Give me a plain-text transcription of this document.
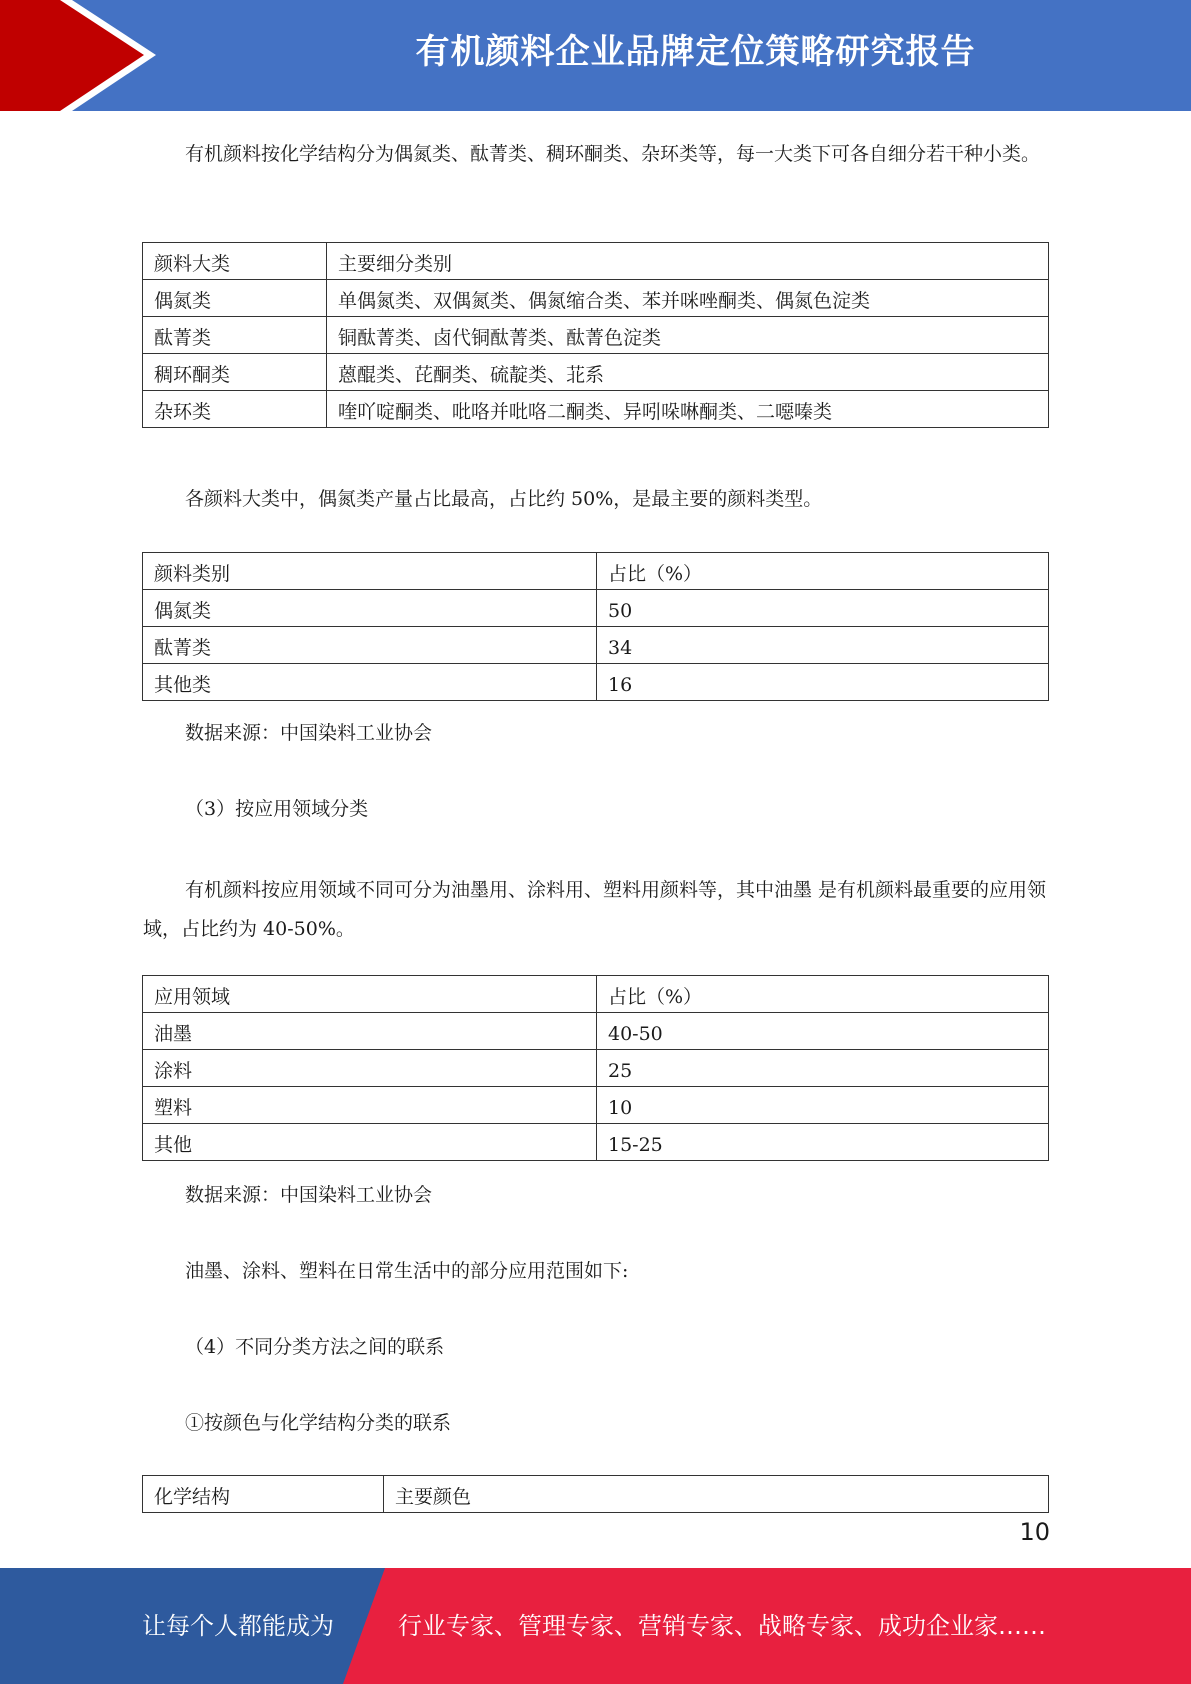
有机颜料企业品牌定位策略研究报告

有机颜料按化学结构分为偶氮类、酞菁类、稠环酮类、杂环类等，每一大类下可各自细分若干种小类。

颜料大类	主要细分类别
偶氮类	单偶氮类、双偶氮类、偶氮缩合类、苯并咪唑酮类、偶氮色淀类
酞菁类	铜酞菁类、卤代铜酞菁类、酞菁色淀类
稠环酮类	蒽醌类、芘酮类、硫靛类、苝系
杂环类	喹吖啶酮类、吡咯并吡咯二酮类、异吲哚啉酮类、二噁嗪类

各颜料大类中，偶氮类产量占比最高，占比约 50%，是最主要的颜料类型。

颜料类别	占比（%）
偶氮类	50
酞菁类	34
其他类	16
数据来源：中国染料工业协会
（3）按应用领域分类

有机颜料按应用领域不同可分为油墨用、涂料用、塑料用颜料等，其中油墨 是有机颜料最重要的应用领域，占比约为 40-50%。

应用领域	占比（%）
油墨	40-50
涂料	25
塑料	10
其他	15-25
数据来源：中国染料工业协会
油墨、涂料、塑料在日常生活中的部分应用范围如下:
（4）不同分类方法之间的联系
①按颜色与化学结构分类的联系
化学结构	主要颜色
10
让每个人都能成为	行业专家、管理专家、营销专家、战略专家、成功企业家……
